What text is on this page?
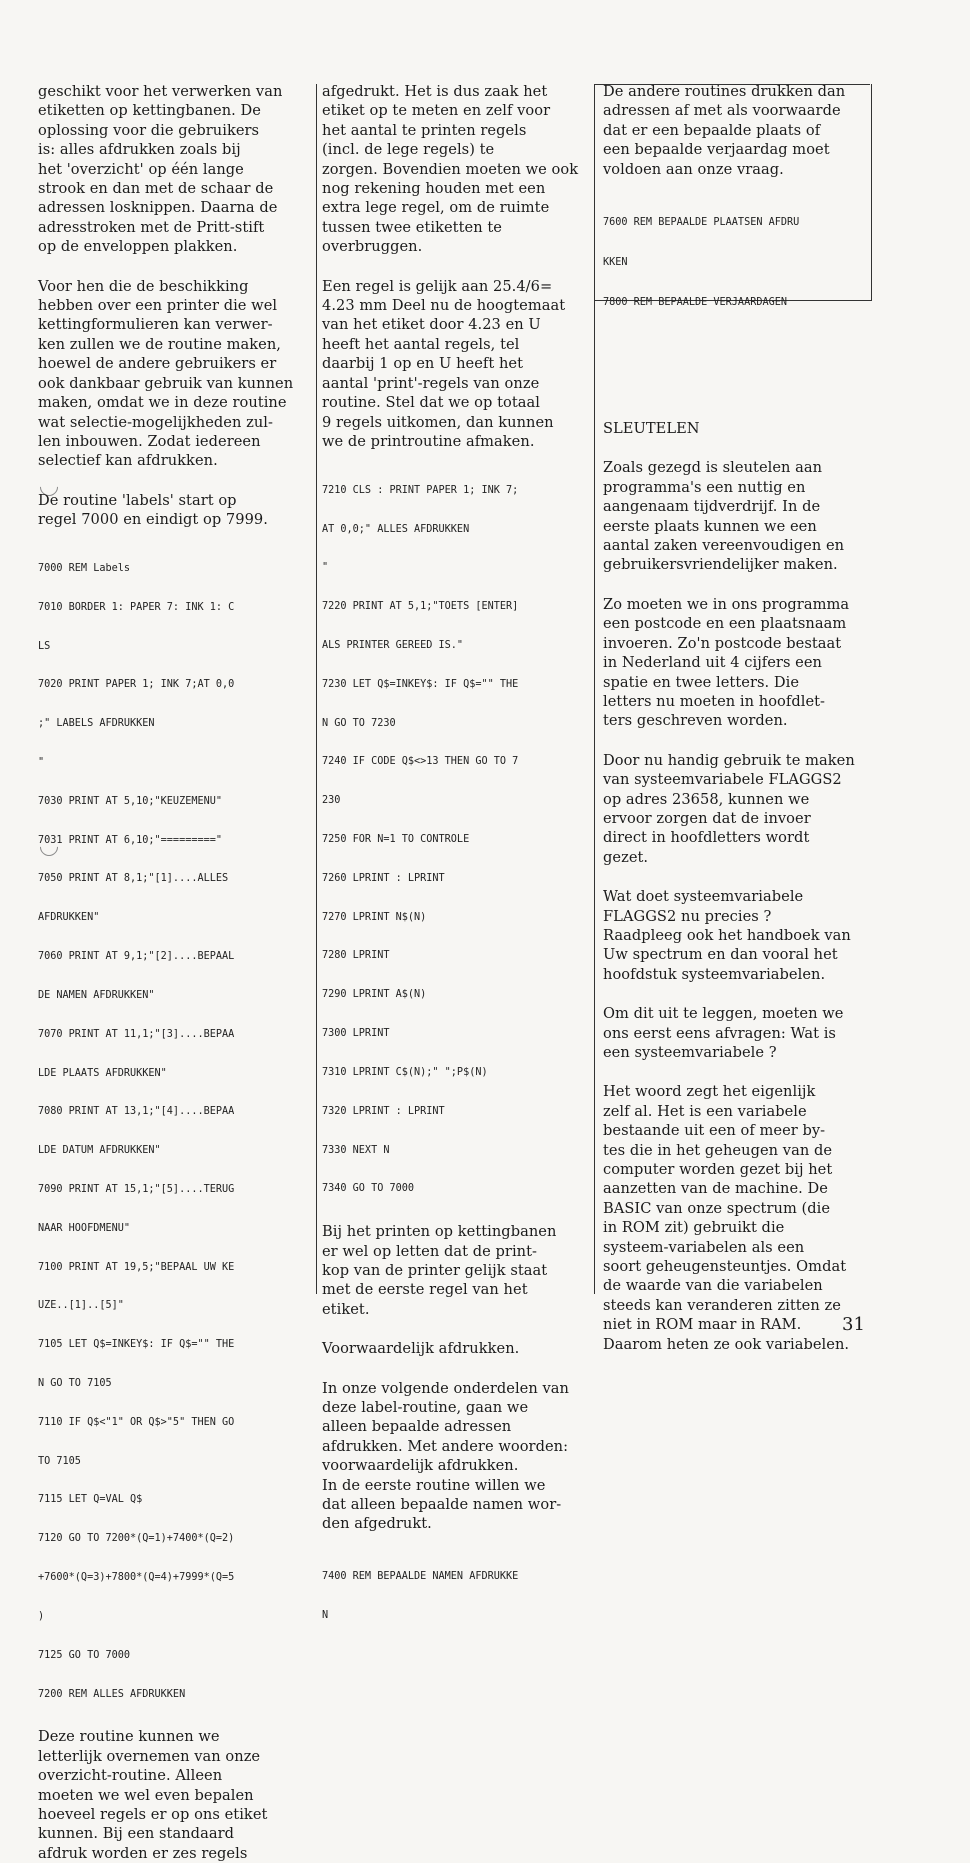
geschikt voor het verwerken van
etiketten op kettingbanen. De
oplossing voor die gebruikers
is: alles afdrukken zoals bij
het 'overzicht' op één lange
strook en dan met de schaar de
adressen losknippen. Daarna de
adresstroken met de Pritt-stift
op de enveloppen plakken.

Voor hen die de beschikking
hebben over een printer die wel
kettingformulieren kan verwer-
ken zullen we de routine maken,
hoewel de andere gebruikers er
ook dankbaar gebruik van kunnen
maken, omdat we in deze routine
wat selectie-mogelijkheden zul-
len inbouwen. Zodat iedereen
selectief kan afdrukken.

De routine 'labels' start op
regel 7000 en eindigt op 7999.

7000 REM Labels

7010 BORDER 1: PAPER 7: INK 1: C

LS

7020 PRINT PAPER 1; INK 7;AT 0,0

;" LABELS AFDRUKKEN

"

7030 PRINT AT 5,10;"KEUZEMENU"

7031 PRINT AT 6,10;"========="

7050 PRINT AT 8,1;"[1]....ALLES

AFDRUKKEN"

7060 PRINT AT 9,1;"[2]....BEPAAL

DE NAMEN AFDRUKKEN"

7070 PRINT AT 11,1;"[3]....BEPAA

LDE PLAATS AFDRUKKEN"

7080 PRINT AT 13,1;"[4]....BEPAA

LDE DATUM AFDRUKKEN"

7090 PRINT AT 15,1;"[5]....TERUG

NAAR HOOFDMENU"

7100 PRINT AT 19,5;"BEPAAL UW KE

UZE..[1]..[5]"

7105 LET Q$=INKEY$: IF Q$="" THE

N GO TO 7105

7110 IF Q$<"1" OR Q$>"5" THEN GO

TO 7105

7115 LET Q=VAL Q$

7120 GO TO 7200*(Q=1)+7400*(Q=2)

+7600*(Q=3)+7800*(Q=4)+7999*(Q=5

)

7125 GO TO 7000

7200 REM ALLES AFDRUKKEN

Deze routine kunnen we
letterlijk overnemen van onze
overzicht-routine. Alleen
moeten we wel even bepalen
hoeveel regels er op ons etiket
kunnen. Bij een standaard
afdruk worden er zes regels

afgedrukt. Het is dus zaak het
etiket op te meten en zelf voor
het aantal te printen regels
(incl. de lege regels) te
zorgen. Bovendien moeten we ook
nog rekening houden met een
extra lege regel, om de ruimte
tussen twee etiketten te
overbruggen.

Een regel is gelijk aan 25.4/6=
4.23 mm Deel nu de hoogtemaat
van het etiket door 4.23 en U
heeft het aantal regels, tel
daarbij 1 op en U heeft het
aantal 'print'-regels van onze
routine. Stel dat we op totaal
9 regels uitkomen, dan kunnen
we de printroutine afmaken.

7210 CLS : PRINT PAPER 1; INK 7;

AT 0,0;" ALLES AFDRUKKEN

"

7220 PRINT AT 5,1;"TOETS [ENTER]

ALS PRINTER GEREED IS."

7230 LET Q$=INKEY$: IF Q$="" THE

N GO TO 7230

7240 IF CODE Q$<>13 THEN GO TO 7

230

7250 FOR N=1 TO CONTROLE

7260 LPRINT : LPRINT

7270 LPRINT N$(N)

7280 LPRINT

7290 LPRINT A$(N)

7300 LPRINT

7310 LPRINT C$(N);" ";P$(N)

7320 LPRINT : LPRINT

7330 NEXT N

7340 GO TO 7000

Bij het printen op kettingbanen
er wel op letten dat de print-
kop van de printer gelijk staat
met de eerste regel van het
etiket.

Voorwaardelijk afdrukken.

In onze volgende onderdelen van
deze label-routine, gaan we
alleen bepaalde adressen
afdrukken. Met andere woorden:
voorwaardelijk afdrukken.
In de eerste routine willen we
dat alleen bepaalde namen wor-
den afgedrukt.

7400 REM BEPAALDE NAMEN AFDRUKKE

N

De andere routines drukken dan
adressen af met als voorwaarde
dat er een bepaalde plaats of
een bepaalde verjaardag moet
voldoen aan onze vraag.

7600 REM BEPAALDE PLAATSEN AFDRU

KKEN

7800 REM BEPAALDE VERJAARDAGEN

SLEUTELEN

Zoals gezegd is sleutelen aan
programma's een nuttig en
aangenaam tijdverdrijf. In de
eerste plaats kunnen we een
aantal zaken vereenvoudigen en
gebruikersvriendelijker maken.

Zo moeten we in ons programma
een postcode en een plaatsnaam
invoeren. Zo'n postcode bestaat
in Nederland uit 4 cijfers een
spatie en twee letters. Die
letters nu moeten in hoofdlet-
ters geschreven worden.

Door nu handig gebruik te maken
van systeemvariabele FLAGGS2
op adres 23658, kunnen we
ervoor zorgen dat de invoer
direct in hoofdletters wordt
gezet.

Wat doet systeemvariabele
FLAGGS2 nu precies ?
Raadpleeg ook het handboek van
Uw spectrum en dan vooral het
hoofdstuk systeemvariabelen.

Om dit uit te leggen, moeten we
ons eerst eens afvragen: Wat is
een systeemvariabele ?

Het woord zegt het eigenlijk
zelf al. Het is een variabele
bestaande uit een of meer by-
tes die in het geheugen van de
computer worden gezet bij het
aanzetten van de machine. De
BASIC van onze spectrum (die
in ROM zit) gebruikt die
systeem-variabelen als een
soort geheugensteuntjes. Omdat
de waarde van die variabelen
steeds kan veranderen zitten ze
niet in ROM maar in RAM.
Daarom heten ze ook variabelen.

31
